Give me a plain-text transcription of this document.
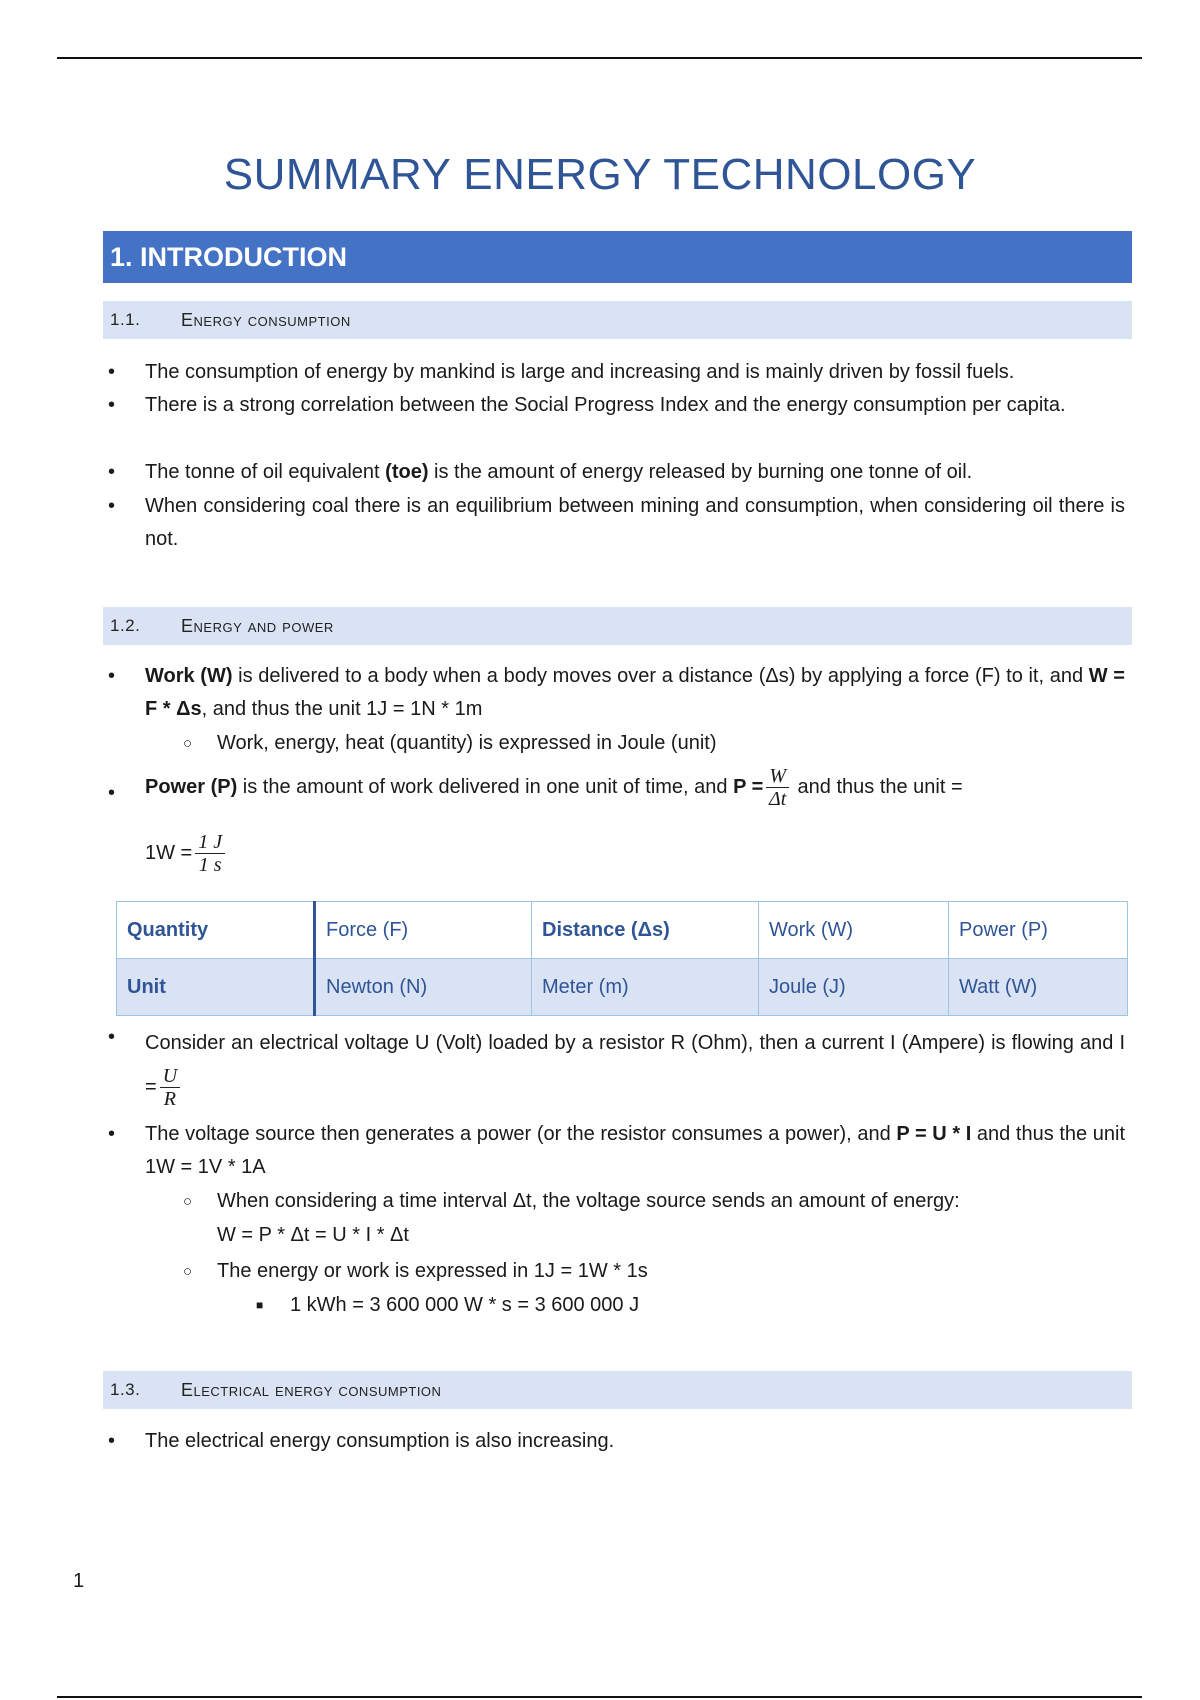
SUMMARY ENERGY TECHNOLOGY
1. INTRODUCTION
1.1. Energy consumption
• The consumption of energy by mankind is large and increasing and is mainly driven by fossil fuels.
• There is a strong correlation between the Social Progress Index and the energy consumption per capita.
• The tonne of oil equivalent (toe) is the amount of energy released by burning one tonne of oil.
• When considering coal there is an equilibrium between mining and consumption, when considering oil there is not.
1.2. Energy and power
• Work (W) is delivered to a body when a body moves over a distance (Δs) by applying a force (F) to it, and W = F * Δs, and thus the unit 1J = 1N * 1m
○ Work, energy, heat (quantity) is expressed in Joule (unit)
• Power (P) is the amount of work delivered in one unit of time, and $P = \frac{W}{\Delta t}$ and thus the unit =
$1W = \frac{1 J}{1 s}$
Quantity	Force (F)	Distance (Δs)	Work (W)	Power (P)
Unit	Newton (N)	Meter (m)	Joule (J)	Watt (W)
• Consider an electrical voltage U (Volt) loaded by a resistor R (Ohm), then a current I (Ampere) is flowing and $I = \frac{U}{R}$
• The voltage source then generates a power (or the resistor consumes a power), and P = U * I and thus the unit 1W = 1V * 1A
○ When considering a time interval Δt, the voltage source sends an amount of energy:
W = P * Δt = U * I * Δt
○ The energy or work is expressed in 1J = 1W * 1s
■ 1 kWh = 3 600 000 W * s = 3 600 000 J
1.3. Electrical energy consumption
• The electrical energy consumption is also increasing.
1
